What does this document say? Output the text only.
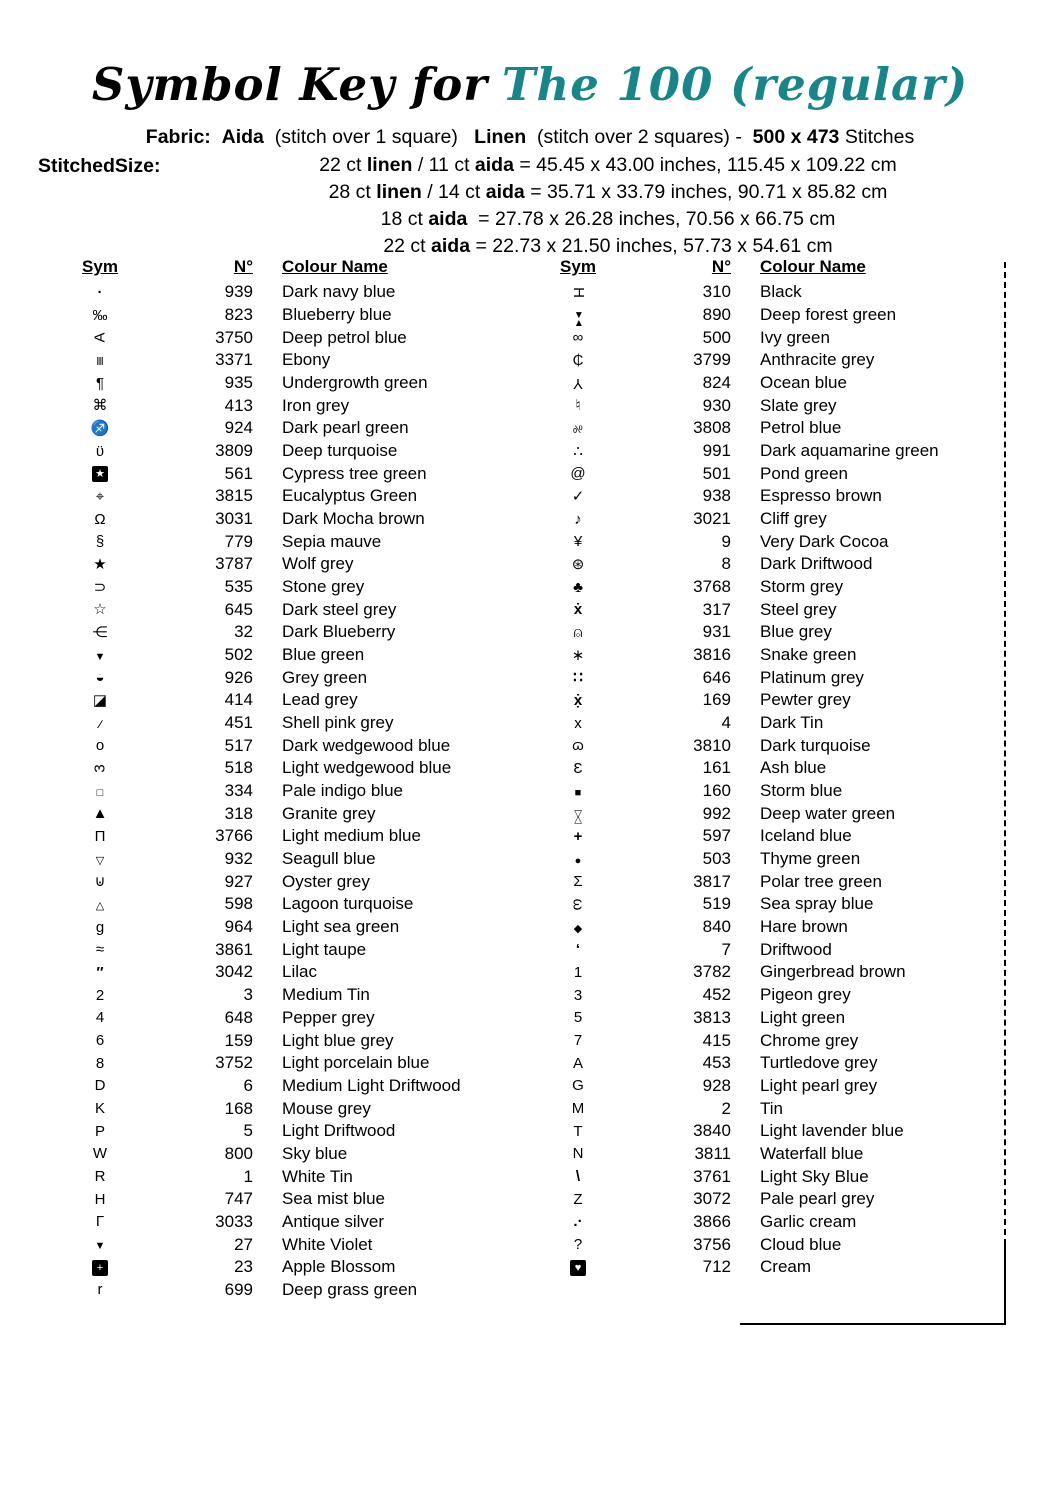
Symbol Key for The 100 (regular)
Fabric: Aida  (stitch over 1 square)   Linen  (stitch over 2 squares) -  500 x 473 Stitches
StitchedSize:	22 ct linen / 11 ct aida = 45.45 x 43.00 inches, 115.45 x 109.22 cm
28 ct linen / 14 ct aida = 35.71 x 33.79 inches, 90.71 x 85.82 cm
18 ct aida  = 27.78 x 26.28 inches, 70.56 x 66.75 cm
22 ct aida = 22.73 x 21.50 inches, 57.73 x 54.61 cm
Sym	N° Colour Name	Sym	N° Colour Name
·	939 Dark navy blue
‰	823 Blueberry blue
A	3750 Deep petrol blue
Ⅲ	3371 Ebony
¶	935 Undergrowth green
⌘	413 Iron grey
♐	924 Dark pearl green
ϋ	3809 Deep turquoise
★	561 Cypress tree green
⌖	3815 Eucalyptus Green
Ω	3031 Dark Mocha brown
§	779 Sepia mauve
★	3787 Wolf grey
⊃	535 Stone grey
☆	645 Dark steel grey
⋲	32 Dark Blueberry
▼	502 Blue green
◒	926 Grey green
◪	414 Lead grey
∕	451 Shell pink grey
o	517 Dark wedgewood blue
3	518 Light wedgewood blue
□	334 Pale indigo blue
▲	318 Granite grey
Π	3766 Light medium blue
▽	932 Seagull blue
⊍	927 Oyster grey
△	598 Lagoon turquoise
g	964 Light sea green
≈	3861 Light taupe
″	3042 Lilac
2	3 Medium Tin
4	648 Pepper grey
6	159 Light blue grey
8	3752 Light porcelain blue
D	6 Medium Light Driftwood
K	168 Mouse grey
P	5 Light Driftwood
W	800 Sky blue
R	1 White Tin
H	747 Sea mist blue
Γ	3033 Antique silver
▼	27 White Violet
+	23 Apple Blossom
r	699 Deep grass green
H	310 Black
►◄	890 Deep forest green
∞	500 Ivy green
₵	3799 Anthracite grey
Y	824 Ocean blue
♮	930 Slate grey
%	3808 Petrol blue
∴	991 Dark aquamarine green
@	501 Pond green
✓	938 Espresso brown
♪	3021 Cliff grey
¥	9 Very Dark Cocoa
⊛	8 Dark Driftwood
♣	3768 Storm grey
ẋ	317 Steel grey
⍝	931 Blue grey
∗	3816 Snake green
∷	646 Platinum grey
ẋ̣	169 Pewter grey
x	4 Dark Tin
ɷ	3810 Dark turquoise
Ɛ	161 Ash blue
■	160 Storm blue
▷◁	992 Deep water green
+	597 Iceland blue
●	503 Thyme green
Σ	3817 Polar tree green
ω	519 Sea spray blue
◆	840 Hare brown
‘	7 Driftwood
1	3782 Gingerbread brown
3	452 Pigeon grey
5	3813 Light green
7	415 Chrome grey
A	453 Turtledove grey
G	928 Light pearl grey
M	2 Tin
T	3840 Light lavender blue
N	3811 Waterfall blue
\	3761 Light Sky Blue
Z	3072 Pale pearl grey
.·	3866 Garlic cream
?	3756 Cloud blue
♥	712 Cream
